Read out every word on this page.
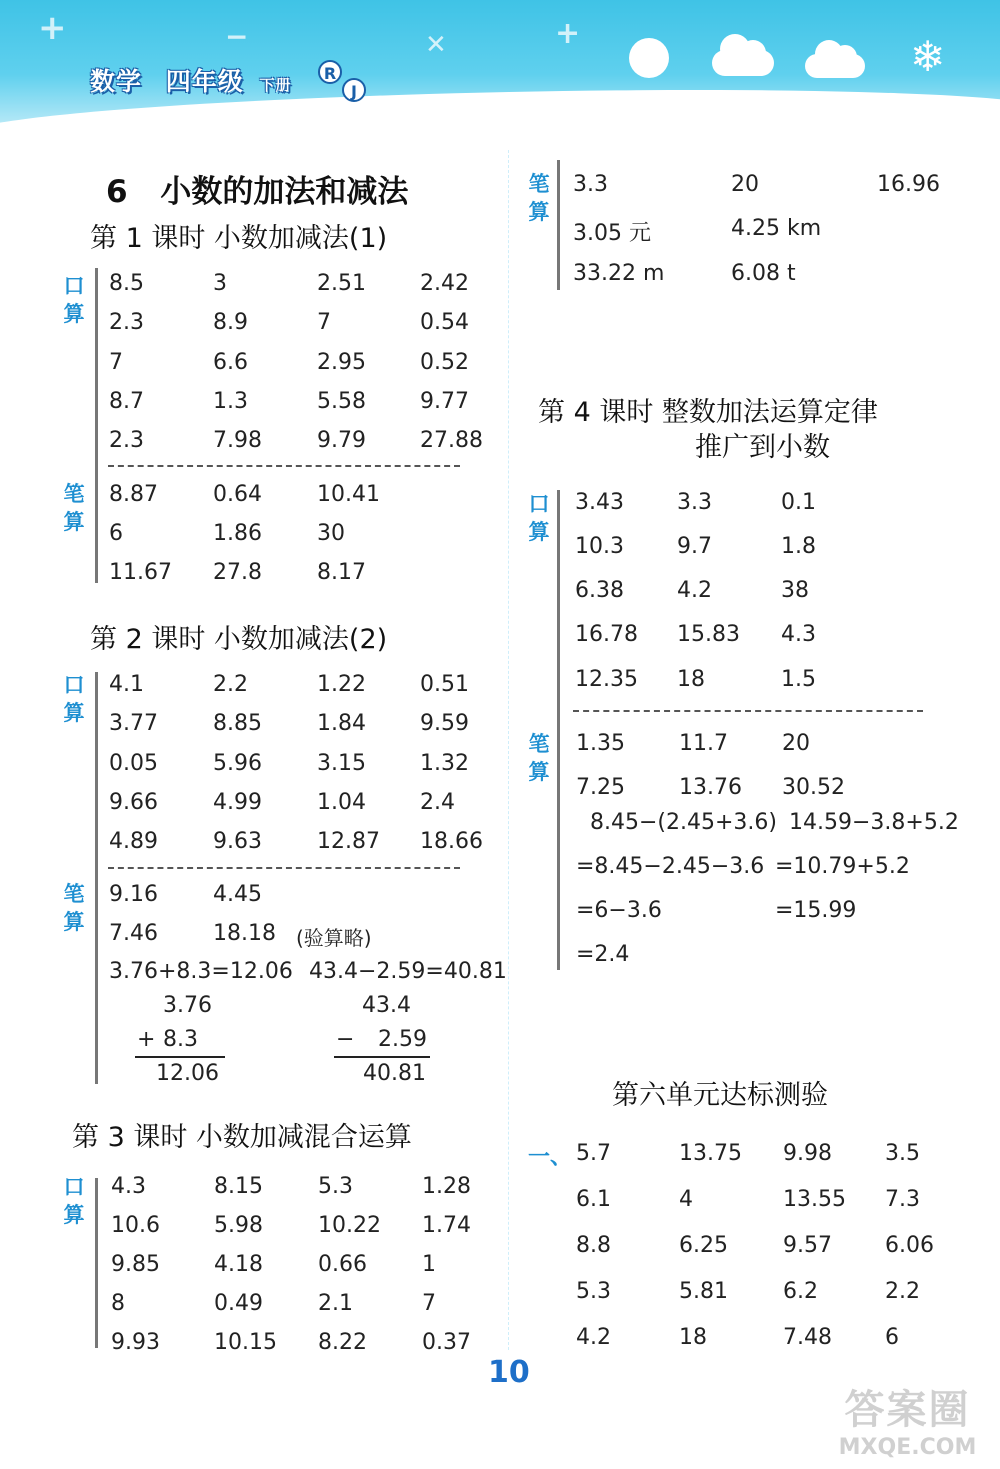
+	−	✕	+	❄
数学 四年级 下册
R
J
6 小数的加法和减法
第 1 课时 小数加减法(1)
口
算
8.5	3	2.51 2.42
2.3	8.9	7	0.54
7	6.6	2.95 0.52
8.7	1.3	5.58 9.77
2.3	7.98	9.79 27.88
笔
算
8.87	0.64	10.41
6	1.86	30
11.67 27.8	8.17
第 2 课时 小数加减法(2)
口
算
4.1	2.2	1.22 0.51
3.77	8.85	1.84 9.59
0.05	5.96	3.15 1.32
9.66	4.99	1.04 2.4
4.89	9.63	12.87 18.66
笔
算
9.16	4.45
7.46	18.18 (验算略)
3.76+8.3=12.06 43.4−2.59=40.81
3.76
+ 8.3
12.06
43.4
− 2.59
40.81
第 3 课时 小数加减混合运算
口
算
4.3	8.15	5.3	1.28
10.6 5.98	10.22 1.74
9.85 4.18	0.66	1
8	0.49	2.1	7
9.93 10.15 8.22	0.37
笔
算
3.3	20	16.96
3.05 元	4.25 km
33.22 m	6.08 t
第 4 课时 整数加法运算定律
推广到小数
口
算
3.43 3.3	0.1
10.3 9.7	1.8
6.38 4.2	38
16.78 15.83 4.3
12.35 18	1.5
笔
算
1.35 11.7 20
7.25 13.76 30.52
8.45−(2.45+3.6)
=8.45−2.45−3.6
=6−3.6
=2.4
14.59−3.8+5.2
=10.79+5.2
=15.99
第六单元达标测验
一、 5.7	13.75 9.98 3.5
6.1	4	13.55 7.3
8.8	6.25	9.57 6.06
5.3	5.81	6.2	2.2
4.2	18	7.48 6
10
答案圈
MXQE.COM
